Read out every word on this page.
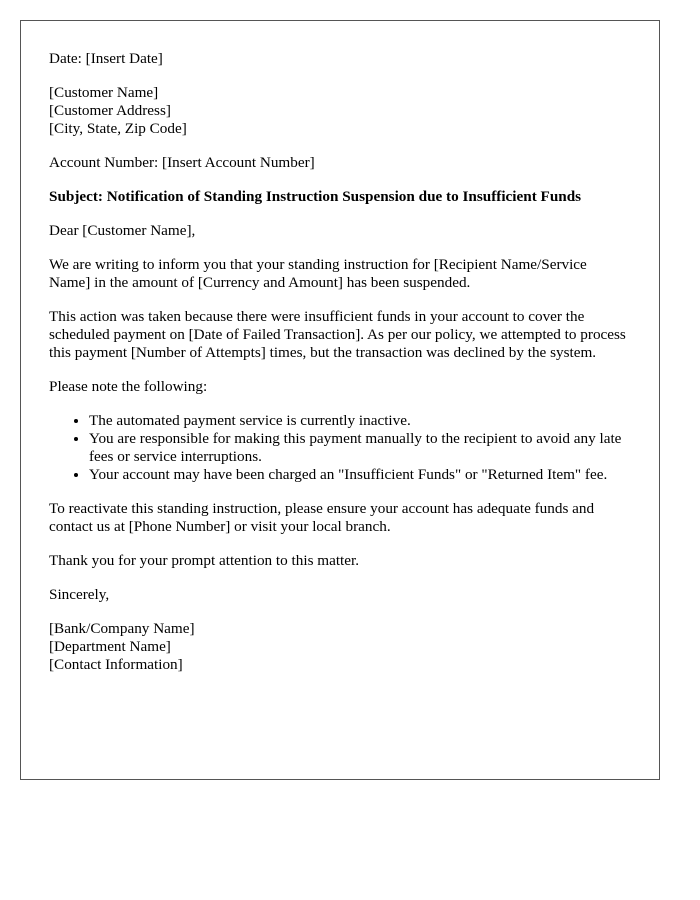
Date: [Insert Date]

[Customer Name]
[Customer Address]
[City, State, Zip Code]

Account Number: [Insert Account Number]

Subject: Notification of Standing Instruction Suspension due to Insufficient Funds

Dear [Customer Name],

We are writing to inform you that your standing instruction for [Recipient Name/Service Name] in the amount of [Currency and Amount] has been suspended.

This action was taken because there were insufficient funds in your account to cover the scheduled payment on [Date of Failed Transaction]. As per our policy, we attempted to process this payment [Number of Attempts] times, but the transaction was declined by the system.

Please note the following:

• The automated payment service is currently inactive.
• You are responsible for making this payment manually to the recipient to avoid any late fees or service interruptions.
• Your account may have been charged an "Insufficient Funds" or "Returned Item" fee.

To reactivate this standing instruction, please ensure your account has adequate funds and contact us at [Phone Number] or visit your local branch.

Thank you for your prompt attention to this matter.

Sincerely,

[Bank/Company Name]
[Department Name]
[Contact Information]
